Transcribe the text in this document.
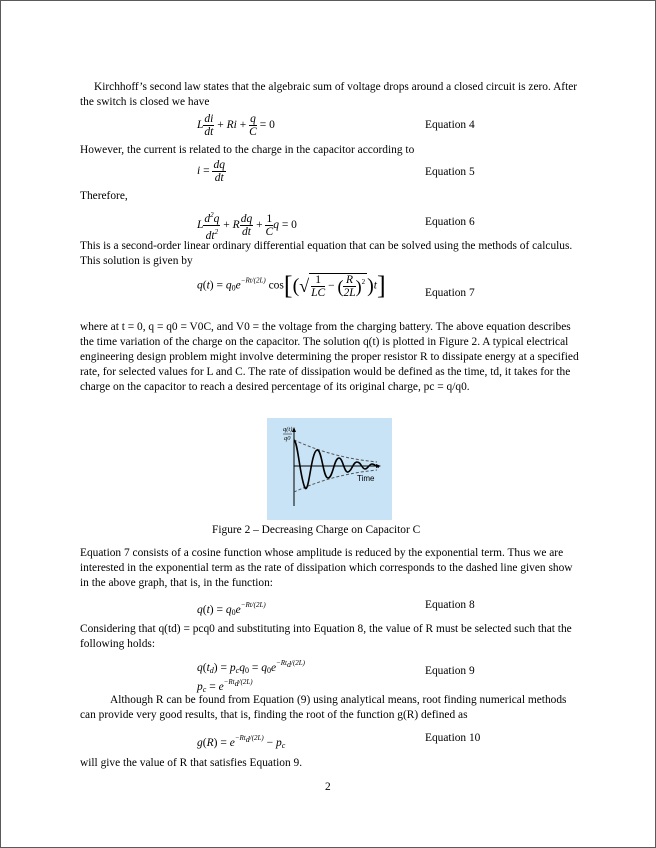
Kirchhoff’s second law states that the algebraic sum of voltage drops around a closed circuit is zero. After the switch is closed we have
L $\frac{di}{dt} + Ri + \frac{q}{C} = 0$	Equation 4
However, the current is related to the charge in the capacitor according to
$i = \frac{dq}{dt}$	Equation 5
Therefore,
L $\frac{d^2q}{dt^2} + R \frac{dq}{dt} + \frac{1}{C}$ q = 0	Equation 6
This is a second-order linear ordinary differential equation that can be solved using the methods of calculus. This solution is given by
$q(t) = q_0e^{-Rt/(2L)}$ $\cos[(√ \frac{1}{LC}$ − ( $\frac{R}{2L} )^2$ )t]	Equation 7
where at t = 0, q = q0 = V0C, and V0 = the voltage from the charging battery. The above equation describes the time variation of the charge on the capacitor. The solution q(t) is plotted in Figure 2. A typical electrical engineering design problem might involve determining the proper resistor R to dissipate energy at a specified rate, for selected values for L and C. The rate of dissipation would be defined as the time, td, it takes for the charge on the capacitor to reach a desired percentage of its original charge, pc = q/q0.
q(t)
q0
Time
Figure 2 – Decreasing Charge on Capacitor C
Equation 7 consists of a cosine function whose amplitude is reduced by the exponential term. Thus we are interested in the exponential term as the rate of dissipation which corresponds to the dashed line given show in the above graph, that is, in the function:
$q(t) = q_0e^{-Rt/(2L)}$	Equation 8
Considering that q(td) = pcq0 and substituting into Equation 8, the value of R must be selected such that the following holds:
$q(t_d) = p_cq_0 = q_0e^{-Rt_d/(2L)}$
$p_c = e^{-Rt_d/(2L)}$
Equation 9
Although R can be found from Equation (9) using analytical means, root finding numerical methods can provide very good results, that is, finding the root of the function g(R) defined as
$g(R) = e^{-Rt_d/(2L)} - p_c$
Equation 10
will give the value of R that satisfies Equation 9.
2
